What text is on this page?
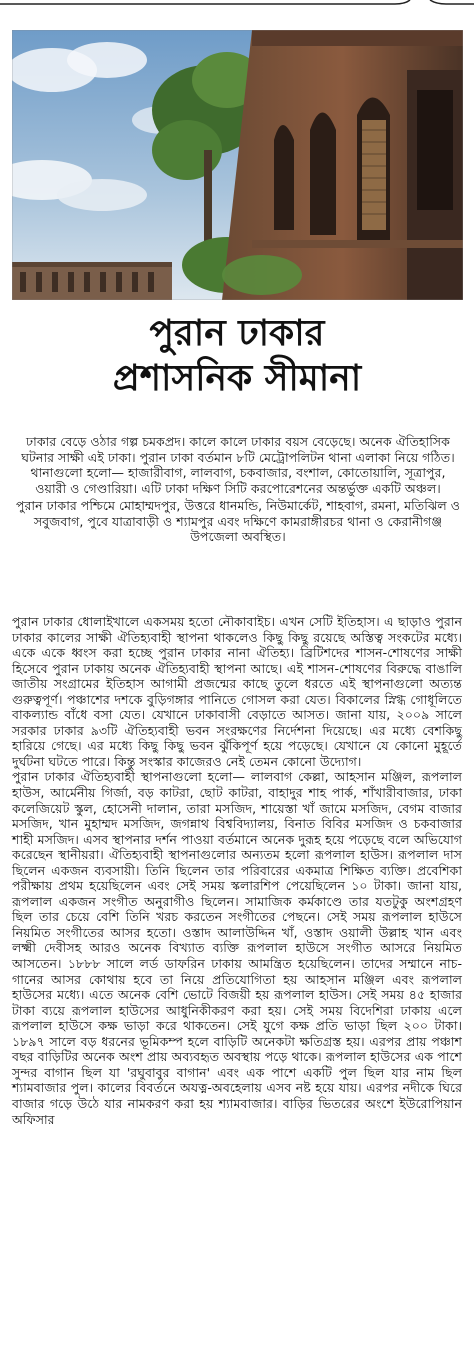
পুরান ঢাকার
প্রশাসনিক সীমানা

ঢাকার বেড়ে ওঠার গল্প চমকপ্রদ। কালে কালে ঢাকার বয়স বেড়েছে। অনেক ঐতিহাসিক ঘটনার সাক্ষী এই ঢাকা। পুরান ঢাকা বর্তমান ৮টি মেট্রোপলিটন থানা এলাকা নিয়ে গঠিত। থানাগুলো হলো— হাজারীবাগ, লালবাগ, চকবাজার, বংশাল, কোতোয়ালি, সূত্রাপুর, ওয়ারী ও গেণ্ডারিয়া। এটি ঢাকা দক্ষিণ সিটি করপোরেশনের অন্তর্ভুক্ত একটি অঞ্চল।

পুরান ঢাকার পশ্চিমে মোহাম্মদপুর, উত্তরে ধানমন্ডি, নিউমার্কেট, শাহবাগ, রমনা, মতিঝিল ও সবুজবাগ, পুবে যাত্রাবাড়ী ও শ্যামপুর এবং দক্ষিণে কামরাঙ্গীরচর থানা ও কেরানীগঞ্জ উপজেলা অবস্থিত।

পুরান ঢাকার ধোলাইখালে একসময় হতো নৌকাবাইচ। এখন সেটি ইতিহাস। এ ছাড়াও পুরান ঢাকার কালের সাক্ষী ঐতিহ্যবাহী স্থাপনা থাকলেও কিছু কিছু রয়েছে অস্তিত্ব সংকটের মধ্যে। একে একে ধ্বংস করা হচ্ছে পুরান ঢাকার নানা ঐতিহ্য। ব্রিটিশদের শাসন-শোষণের সাক্ষী হিসেবে পুরান ঢাকায় অনেক ঐতিহ্যবাহী স্থাপনা আছে। এই শাসন-শোষণের বিরুদ্ধে বাঙালি জাতীয় সংগ্রামের ইতিহাস আগামী প্রজন্মের কাছে তুলে ধরতে এই স্থাপনাগুলো অত্যন্ত গুরুত্বপূর্ণ। পঞ্চাশের দশকে বুড়িগঙ্গার পানিতে গোসল করা যেত। বিকালের স্নিগ্ধ গোধূলিতে বাকল্যান্ড বাঁধে বসা যেত। যেখানে ঢাকাবাসী বেড়াতে আসত। জানা যায়, ২০০৯ সালে সরকার ঢাকার ৯৩টি ঐতিহ্যবাহী ভবন সংরক্ষণের নির্দেশনা দিয়েছে। এর মধ্যে বেশকিছু হারিয়ে গেছে। এর মধ্যে কিছু কিছু ভবন ঝুঁকিপূর্ণ হয়ে পড়েছে। যেখানে যে কোনো মুহূর্তে দুর্ঘটনা ঘটতে পারে। কিন্তু সংস্কার কাজেরও নেই তেমন কোনো উদ্যোগ।

পুরান ঢাকার ঐতিহ্যবাহী স্থাপনাগুলো হলো— লালবাগ কেল্লা, আহসান মঞ্জিল, রূপলাল হাউস, আর্মেনীয় গির্জা, বড় কাটরা, ছোট কাটরা, বাহাদুর শাহ পার্ক, শাঁখারীবাজার, ঢাকা কলেজিয়েট স্কুল, হোসেনী দালান, তারা মসজিদ, শায়েস্তা খাঁ জামে মসজিদ, বেগম বাজার মসজিদ, খান মুহাম্মদ মসজিদ, জগন্নাথ বিশ্ববিদ্যালয়, বিনাত বিবির মসজিদ ও চকবাজার শাহী মসজিদ। এসব স্থাপনার দর্শন পাওয়া বর্তমানে অনেক দুরূহ হয়ে পড়েছে বলে অভিযোগ করেছেন স্থানীয়রা। ঐতিহ্যবাহী স্থাপনাগুলোর অন্যতম হলো রূপলাল হাউস। রূপলাল দাস ছিলেন একজন ব্যবসায়ী। তিনি ছিলেন তার পরিবারের একমাত্র শিক্ষিত ব্যক্তি। প্রবেশিকা পরীক্ষায় প্রথম হয়েছিলেন এবং সেই সময় স্কলারশিপ পেয়েছিলেন ১০ টাকা। জানা যায়, রূপলাল একজন সংগীত অনুরাগীও ছিলেন। সামাজিক কর্মকাণ্ডে তার যতটুকু অংশগ্রহণ ছিল তার চেয়ে বেশি তিনি খরচ করতেন সংগীতের পেছনে। সেই সময় রূপলাল হাউসে নিয়মিত সংগীতের আসর হতো। ওস্তাদ আলাউদ্দিন খাঁ, ওস্তাদ ওয়ালী উল্লাহ খান এবং লক্ষ্মী দেবীসহ আরও অনেক বিখ্যাত ব্যক্তি রূপলাল হাউসে সংগীত আসরে নিয়মিত আসতেন। ১৮৮৮ সালে লর্ড ডাফরিন ঢাকায় আমন্ত্রিত হয়েছিলেন। তাদের সম্মানে নাচ-গানের আসর কোথায় হবে তা নিয়ে প্রতিযোগিতা হয় আহসান মঞ্জিল এবং রূপলাল হাউসের মধ্যে। এতে অনেক বেশি ভোটে বিজয়ী হয় রূপলাল হাউস। সেই সময় ৪৫ হাজার টাকা ব্যয়ে রূপলাল হাউসের আধুনিকীকরণ করা হয়। সেই সময় বিদেশিরা ঢাকায় এলে রূপলাল হাউসে কক্ষ ভাড়া করে থাকতেন। সেই যুগে কক্ষ প্রতি ভাড়া ছিল ২০০ টাকা। ১৮৯৭ সালে বড় ধরনের ভূমিকম্প হলে বাড়িটি অনেকটা ক্ষতিগ্রস্ত হয়। এরপর প্রায় পঞ্চাশ বছর বাড়িটির অনেক অংশ প্রায় অব্যবহৃত অবস্থায় পড়ে থাকে। রূপলাল হাউসের এক পাশে সুন্দর বাগান ছিল যা 'রঘুবাবুর বাগান' এবং এক পাশে একটি পুল ছিল যার নাম ছিল শ্যামবাজার পুল। কালের বিবর্তনে অযত্ন-অবহেলায় এসব নষ্ট হয়ে যায়। এরপর নদীকে ঘিরে বাজার গড়ে উঠে যার নামকরণ করা হয় শ্যামবাজার। বাড়ির ভিতরের অংশে ইউরোপিয়ান অফিসার
